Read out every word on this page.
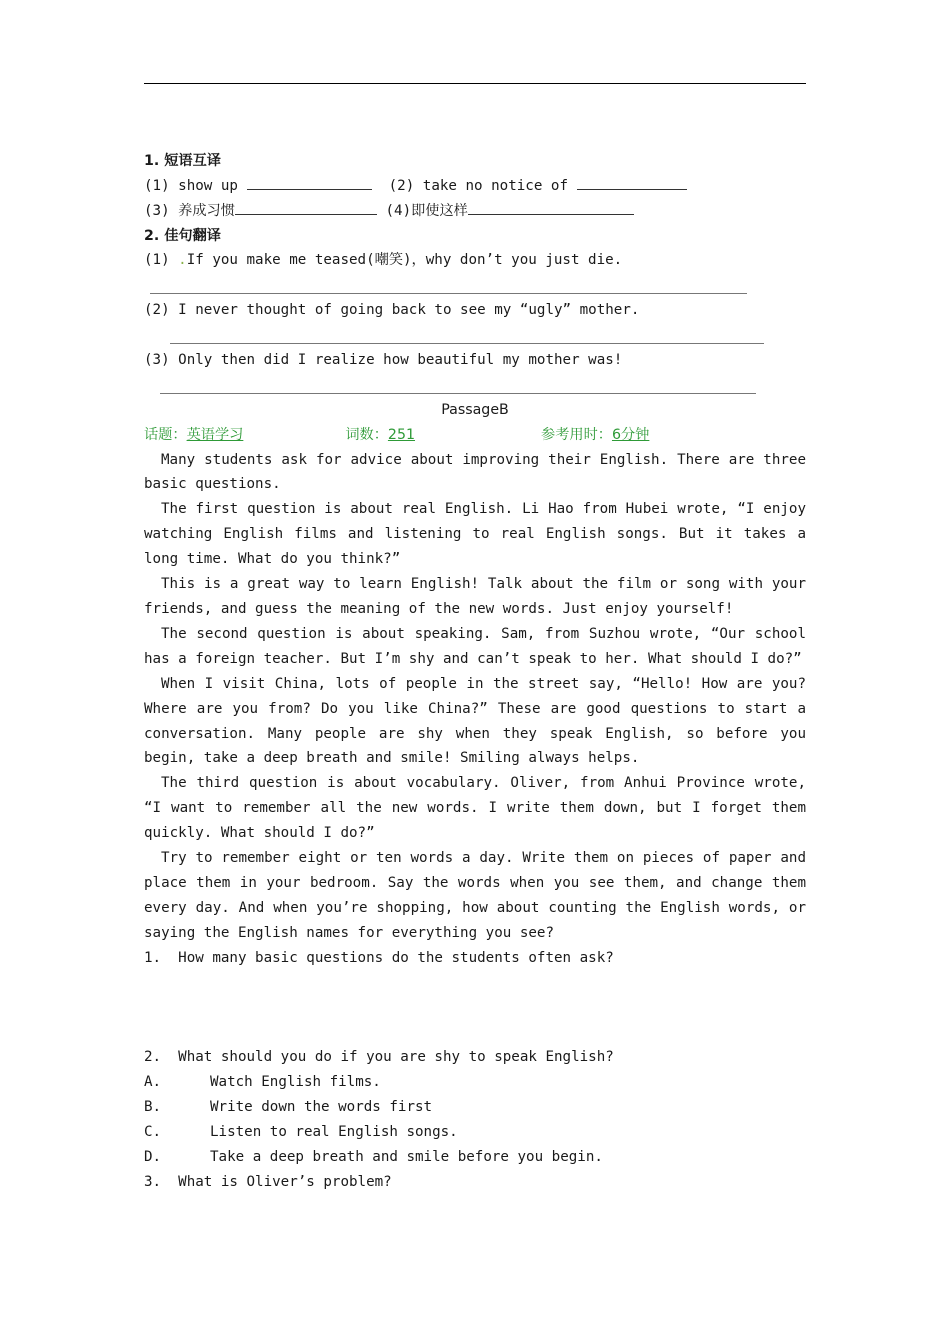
1. 短语互译
(1) show up	(2) take no notice of
(3) 养成习惯	(4)即使这样
2. 佳句翻译
(1) .If you make me teased(嘲笑)，why don’t you just die.
(2) I never thought of going back to see my “ugly” mother.
(3) Only then did I realize how beautiful my mother was!
PassageB
话题：英语学习	词数：251	参考用时：6分钟

Many students ask for advice about improving their English. There are three basic questions.

The first question is about real English. Li Hao from Hubei wrote, “I enjoy watching English films and listening to real English songs. But it takes a long time. What do you think?”

This is a great way to learn English! Talk about the film or song with your friends, and guess the meaning of the new words. Just enjoy yourself!

The second question is about speaking. Sam, from Suzhou wrote, “Our school has a foreign teacher. But I’m shy and can’t speak to her. What should I do?”

When I visit China, lots of people in the street say, “Hello! How are you? Where are you from? Do you like China?” These are good questions to start a conversation. Many people are shy when they speak English, so before you begin, take a deep breath and smile! Smiling always helps.

The third question is about vocabulary. Oliver, from Anhui Province wrote, “I want to remember all the new words. I write them down, but I forget them quickly. What should I do?”

Try to remember eight or ten words a day. Write them on pieces of paper and place them in your bedroom. Say the words when you see them, and change them every day. And when you’re shopping, how about counting the English words, or saying the English names for everything you see?

1.  How many basic questions do the students often ask?

2.  What should you do if you are shy to speak English?
A.	Watch English films.
B.	Write down the words first
C.	Listen to real English songs.
D.	Take a deep breath and smile before you begin.
3.  What is Oliver’s problem?
